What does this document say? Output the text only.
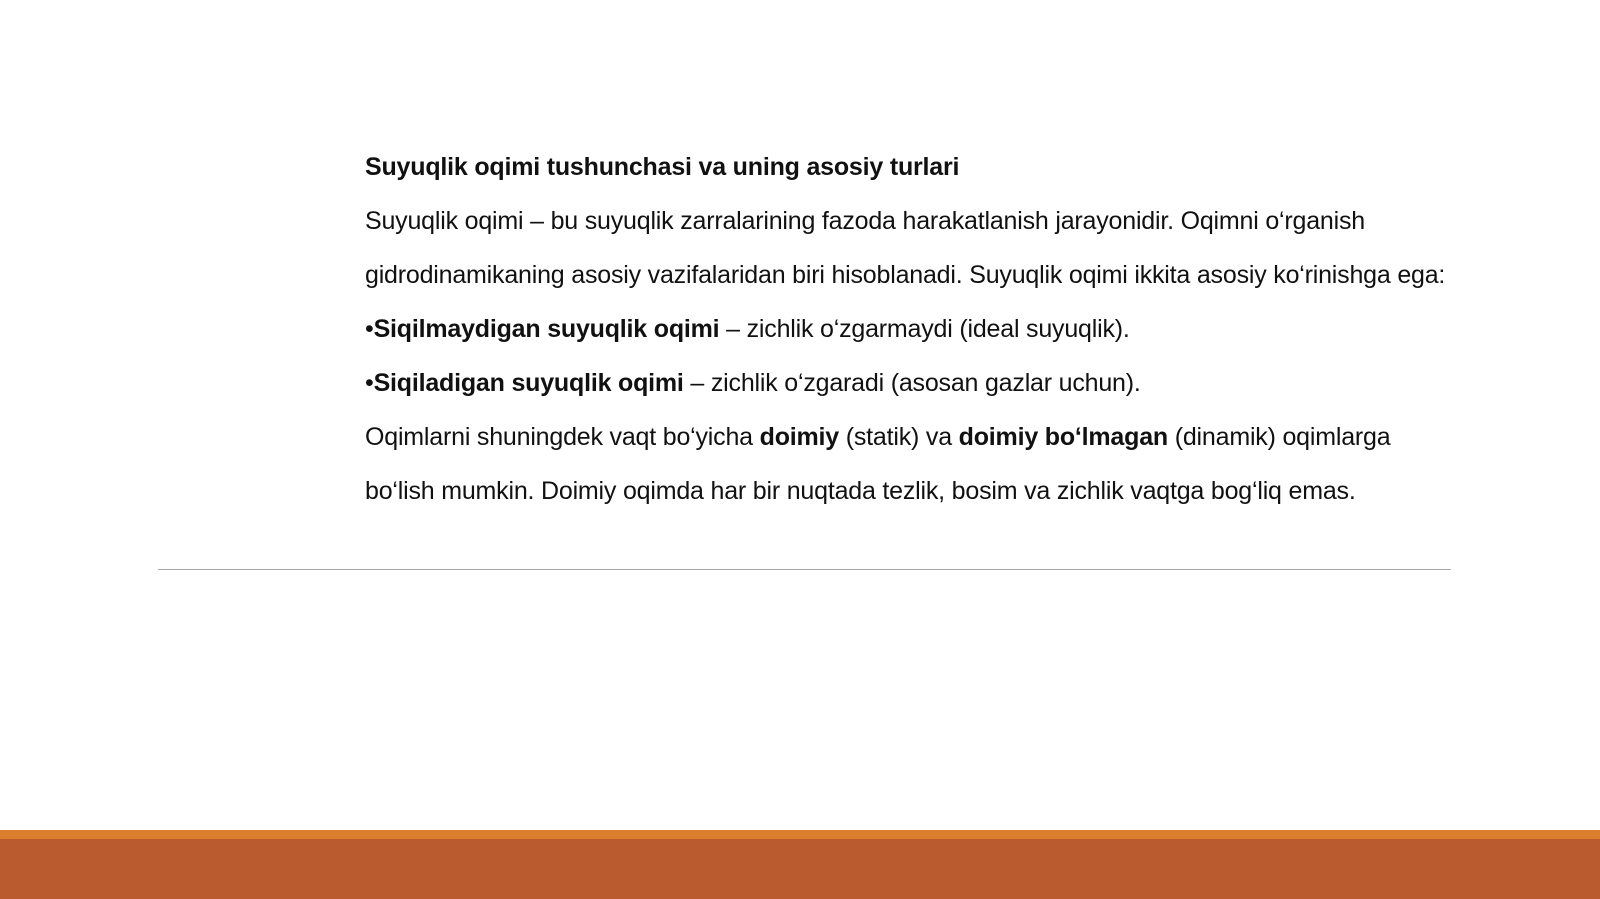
Suyuqlik oqimi tushunchasi va uning asosiy turlari

Suyuqlik oqimi – bu suyuqlik zarralarining fazoda harakatlanish jarayonidir. Oqimni o‘rganish gidrodinamikaning asosiy vazifalaridan biri hisoblanadi. Suyuqlik oqimi ikkita asosiy ko‘rinishga ega:

•Siqilmaydigan suyuqlik oqimi – zichlik o‘zgarmaydi (ideal suyuqlik).

•Siqiladigan suyuqlik oqimi – zichlik o‘zgaradi (asosan gazlar uchun).

Oqimlarni shuningdek vaqt bo‘yicha doimiy (statik) va doimiy bo‘lmagan (dinamik) oqimlarga bo‘lish mumkin. Doimiy oqimda har bir nuqtada tezlik, bosim va zichlik vaqtga bog‘liq emas.
